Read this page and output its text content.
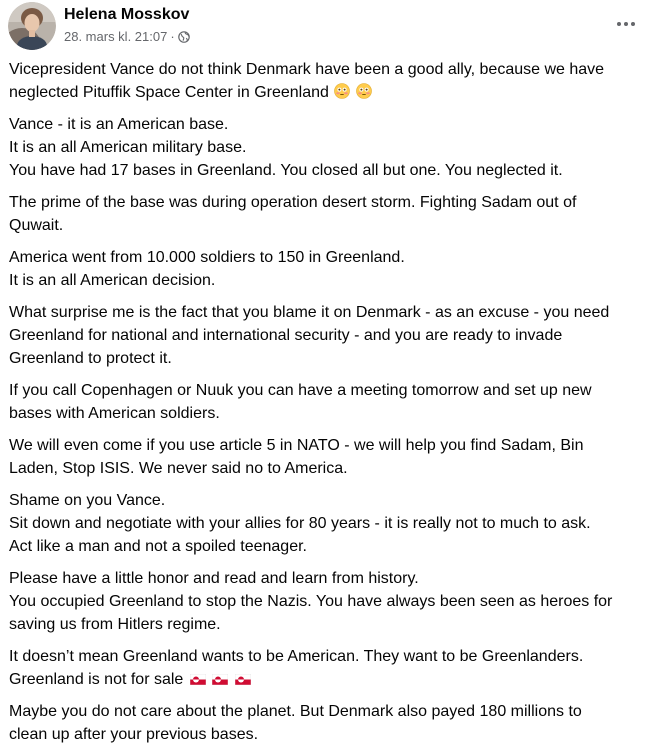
Helena Mosskov
28. mars kl. 21:07 ·
Vicepresident Vance do not think Denmark have been a good ally, because we have
neglected Pituffik Space Center in Greenland
Vance - it is an American base.
It is an all American military base.
You have had 17 bases in Greenland. You closed all but one. You neglected it.
The prime of the base was during operation desert storm. Fighting Sadam out of
Quwait.
America went from 10.000 soldiers to 150 in Greenland.
It is an all American decision.
What surprise me is the fact that you blame it on Denmark - as an excuse - you need
Greenland for national and international security - and you are ready to invade
Greenland to protect it.
If you call Copenhagen or Nuuk you can have a meeting tomorrow and set up new
bases with American soldiers.
We will even come if you use article 5 in NATO - we will help you find Sadam, Bin
Laden, Stop ISIS. We never said no to America.
Shame on you Vance.
Sit down and negotiate with your allies for 80 years - it is really not to much to ask.
Act like a man and not a spoiled teenager.
Please have a little honor and read and learn from history.
You occupied Greenland to stop the Nazis. You have always been seen as heroes for
saving us from Hitlers regime.
It doesn’t mean Greenland wants to be American. They want to be Greenlanders.
Greenland is not for sale
Maybe you do not care about the planet. But Denmark also payed 180 millions to
clean up after your previous bases.
